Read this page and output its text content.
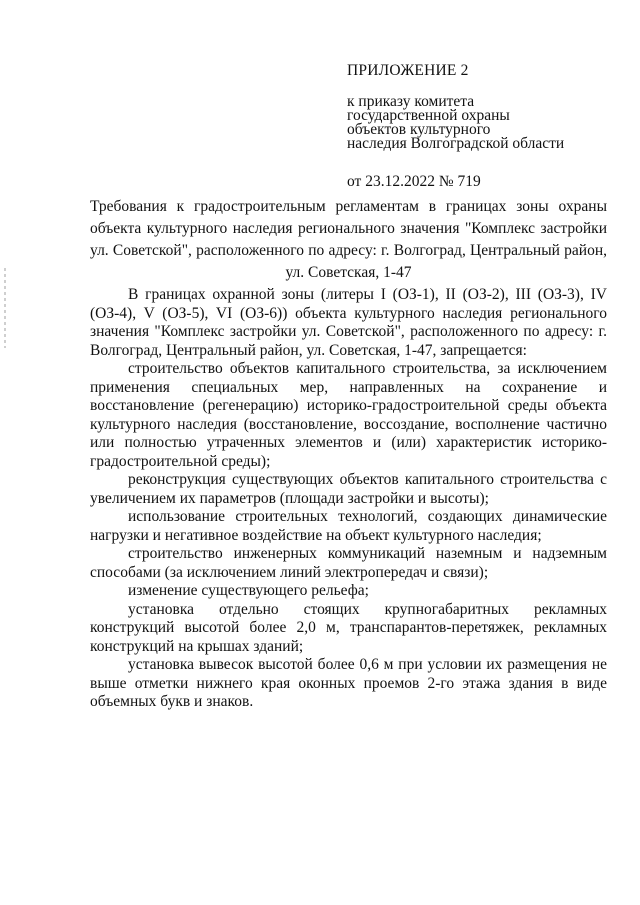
ПРИЛОЖЕНИЕ 2

к приказу комитета
государственной охраны
объектов культурного
наследия Волгоградской области

от 23.12.2022 № 719

Требования к градостроительным регламентам в границах зоны охраны объекта культурного наследия регионального значения "Комплекс застройки ул. Советской", расположенного по адресу: г. Волгоград, Центральный район, ул. Советская, 1-47

В границах охранной зоны (литеры I (ОЗ-1), II (ОЗ-2), III (ОЗ-3), IV (ОЗ-4), V (ОЗ-5), VI (ОЗ-6)) объекта культурного наследия регионального значения "Комплекс застройки ул. Советской", расположенного по адресу: г. Волгоград, Центральный район, ул. Советская, 1-47, запрещается:

строительство объектов капитального строительства, за исключением применения специальных мер, направленных на сохранение и восстановление (регенерацию) историко-градостроительной среды объекта культурного наследия (восстановление, воссоздание, восполнение частично или полностью утраченных элементов и (или) характеристик историко-градостроительной среды);

реконструкция существующих объектов капитального строительства с увеличением их параметров (площади застройки и высоты);

использование строительных технологий, создающих динамические нагрузки и негативное воздействие на объект культурного наследия;

строительство инженерных коммуникаций наземным и надземным способами (за исключением линий электропередач и связи);

изменение существующего рельефа;

установка отдельно стоящих крупногабаритных рекламных конструкций высотой более 2,0 м, транспарантов-перетяжек, рекламных конструкций на крышах зданий;

установка вывесок высотой более 0,6 м при условии их размещения не выше отметки нижнего края оконных проемов 2-го этажа здания в виде объемных букв и знаков.
